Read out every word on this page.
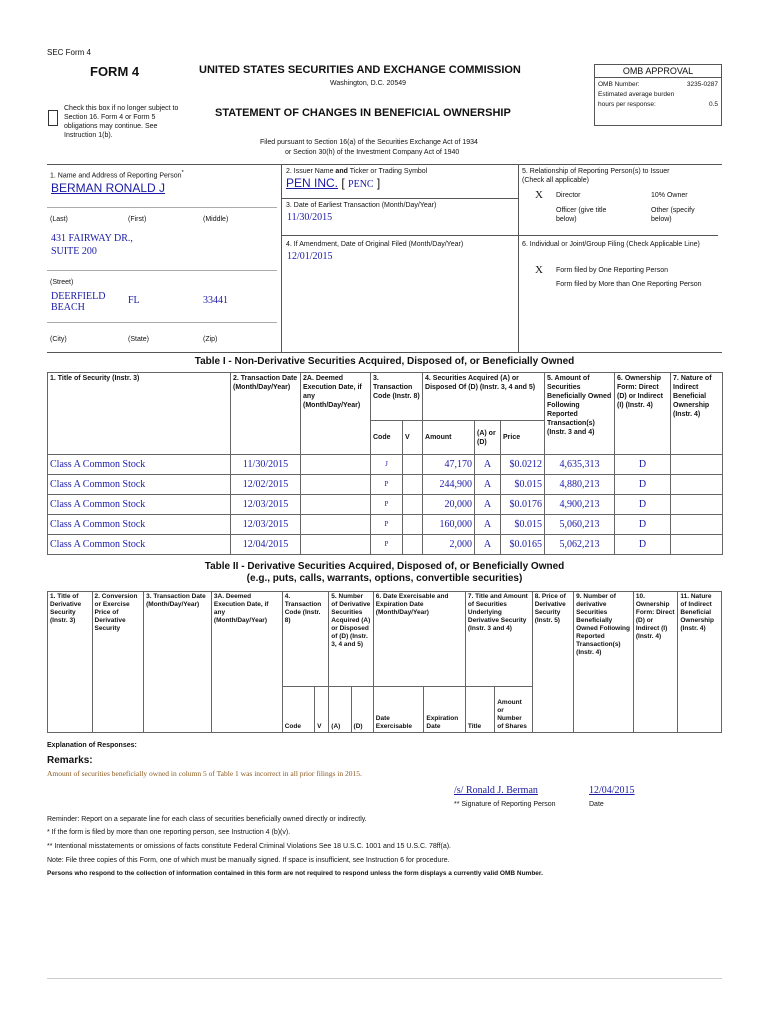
SEC Form 4
FORM 4	UNITED STATES SECURITIES AND EXCHANGE COMMISSION
Washington, D.C. 20549
Check this box if no longer subject to Section 16. Form 4 or Form 5 obligations may continue. See Instruction 1(b).
STATEMENT OF CHANGES IN BENEFICIAL OWNERSHIP
Filed pursuant to Section 16(a) of the Securities Exchange Act of 1934
or Section 30(h) of the Investment Company Act of 1940
OMB APPROVAL
OMB Number:	3235-0287
Estimated average burden
hours per response:	0.5
1. Name and Address of Reporting Person*
BERMAN RONALD J
(Last)	(First)	(Middle)
431 FAIRWAY DR.,
SUITE 200
(Street)
DEERFIELD BEACH
FL	33441
(City)	(State)	(Zip)
2. Issuer Name and Ticker or Trading Symbol
PEN INC. [ PENC ]
3. Date of Earliest Transaction (Month/Day/Year)
11/30/2015
4. If Amendment, Date of Original Filed (Month/Day/Year)
12/01/2015
5. Relationship of Reporting Person(s) to Issuer
(Check all applicable)
X Director	10% Owner
Officer (give title below)
Other (specify below)
6. Individual or Joint/Group Filing (Check Applicable Line)
X Form filed by One Reporting Person
Form filed by More than One Reporting Person
Table I - Non-Derivative Securities Acquired, Disposed of, or Beneficially Owned
1. Title of Security (Instr. 3)	2. Transaction Date (Month/Day/Year)	2A. Deemed Execution Date, if any (Month/Day/Year)	3. Transaction Code (Instr. 8)		4. Securities Acquired (A) or Disposed Of (D) (Instr. 3, 4 and 5)			5. Amount of Securities Beneficially Owned Following Reported Transaction(s) (Instr. 3 and 4)	6. Ownership Form: Direct (D) or Indirect (I) (Instr. 4)	7. Nature of Indirect Beneficial Ownership (Instr. 4)
			Code	V	Amount	(A) or (D)	Price			
Class A Common Stock	11/30/2015		J		47,170	A	$0.0212	4,635,313	D	
Class A Common Stock	12/02/2015		P		244,900	A	$0.015	4,880,213	D	
Class A Common Stock	12/03/2015		P		20,000	A	$0.0176	4,900,213	D	
Class A Common Stock	12/03/2015		P		160,000	A	$0.015	5,060,213	D	
Class A Common Stock	12/04/2015		P		2,000	A	$0.0165	5,062,213	D	
Table II - Derivative Securities Acquired, Disposed of, or Beneficially Owned
(e.g., puts, calls, warrants, options, convertible securities)
1. Title of Derivative Security (Instr. 3)	2. Conversion or Exercise Price of Derivative Security	3. Transaction Date (Month/Day/Year)	3A. Deemed Execution Date, if any (Month/Day/Year)	4. Transaction Code (Instr. 8)		5. Number of Derivative Securities Acquired (A) or Disposed of (D) (Instr. 3, 4 and 5)		6. Date Exercisable and Expiration Date (Month/Day/Year)		7. Title and Amount of Securities Underlying Derivative Security (Instr. 3 and 4)		8. Price of Derivative Security (Instr. 5)	9. Number of derivative Securities Beneficially Owned Following Reported Transaction(s) (Instr. 4)	10. Ownership Form: Direct (D) or Indirect (I) (Instr. 4)	11. Nature of Indirect Beneficial Ownership (Instr. 4)
				Code	V	(A)	(D)	Date Exercisable	Expiration Date	Title	Amount or Number of Shares				
Explanation of Responses:
Remarks:
Amount of securities beneficially owned in column 5 of Table 1 was incorrect in all prior filings in 2015.
/s/ Ronald J. Berman	12/04/2015
** Signature of Reporting Person	Date
Reminder: Report on a separate line for each class of securities beneficially owned directly or indirectly.
* If the form is filed by more than one reporting person, see Instruction 4 (b)(v).
** Intentional misstatements or omissions of facts constitute Federal Criminal Violations See 18 U.S.C. 1001 and 15 U.S.C. 78ff(a).
Note: File three copies of this Form, one of which must be manually signed. If space is insufficient, see Instruction 6 for procedure.
Persons who respond to the collection of information contained in this form are not required to respond unless the form displays a currently valid OMB Number.
